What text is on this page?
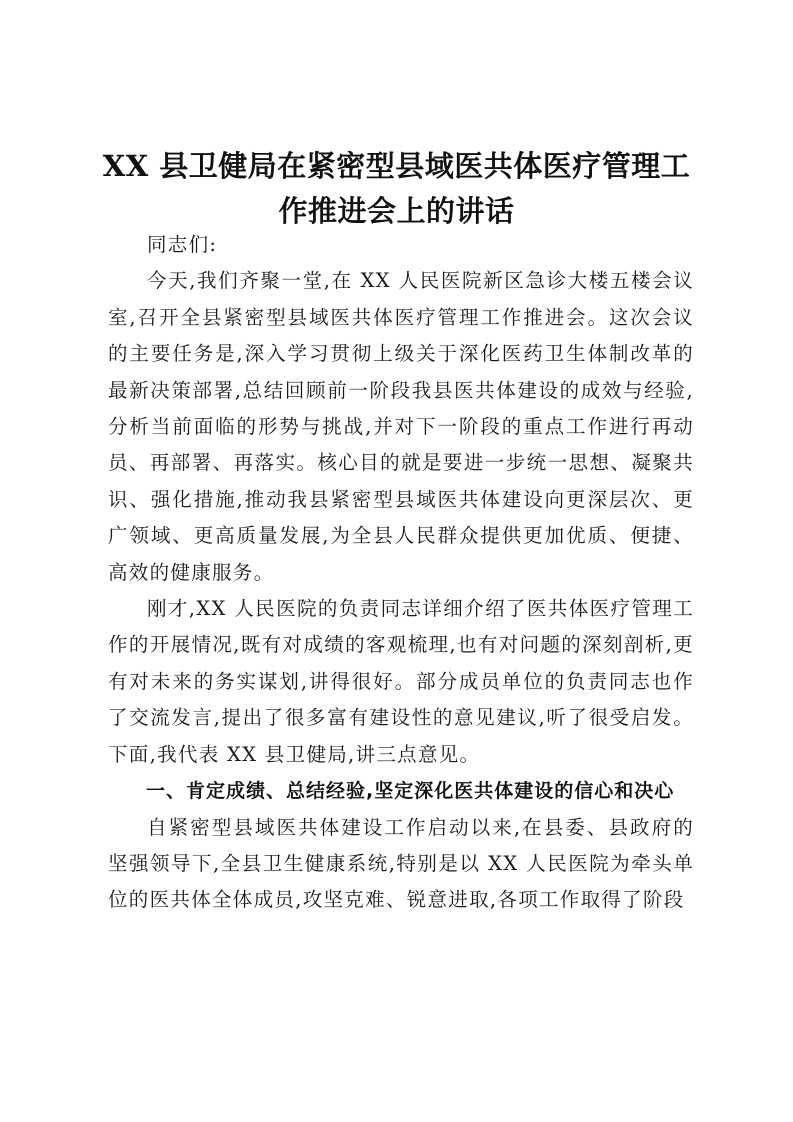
XX 县卫健局在紧密型县域医共体医疗管理工作推进会上的讲话

同志们:

今天,我们齐聚一堂,在 XX 人民医院新区急诊大楼五楼会议室,召开全县紧密型县域医共体医疗管理工作推进会。这次会议的主要任务是,深入学习贯彻上级关于深化医药卫生体制改革的最新决策部署,总结回顾前一阶段我县医共体建设的成效与经验,分析当前面临的形势与挑战,并对下一阶段的重点工作进行再动员、再部署、再落实。核心目的就是要进一步统一思想、凝聚共识、强化措施,推动我县紧密型县域医共体建设向更深层次、更广领域、更高质量发展,为全县人民群众提供更加优质、便捷、高效的健康服务。

刚才,XX 人民医院的负责同志详细介绍了医共体医疗管理工作的开展情况,既有对成绩的客观梳理,也有对问题的深刻剖析,更有对未来的务实谋划,讲得很好。部分成员单位的负责同志也作了交流发言,提出了很多富有建设性的意见建议,听了很受启发。下面,我代表 XX 县卫健局,讲三点意见。

一、肯定成绩、总结经验,坚定深化医共体建设的信心和决心

自紧密型县域医共体建设工作启动以来,在县委、县政府的坚强领导下,全县卫生健康系统,特别是以 XX 人民医院为牵头单位的医共体全体成员,攻坚克难、锐意进取,各项工作取得了阶段
